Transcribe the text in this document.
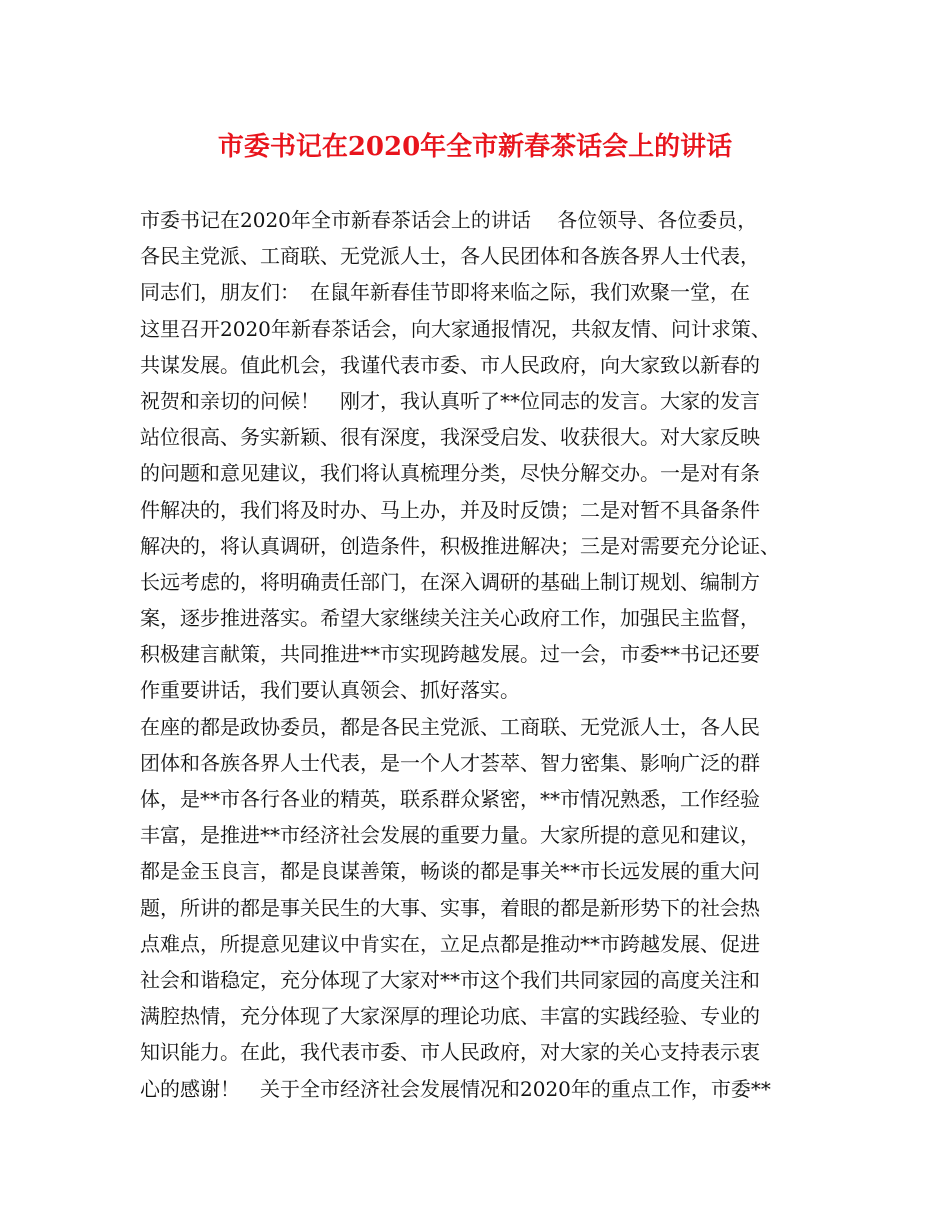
市委书记在2020年全市新春茶话会上的讲话
市委书记在2020年全市新春茶话会上的讲话　 各位领导、各位委员，
各民主党派、工商联、无党派人士，各人民团体和各族各界人士代表，
同志们，朋友们：　在鼠年新春佳节即将来临之际，我们欢聚一堂，在
这里召开2020年新春茶话会，向大家通报情况，共叙友情、问计求策、
共谋发展。值此机会，我谨代表市委、市人民政府，向大家致以新春的
祝贺和亲切的问候！　刚才，我认真听了**位同志的发言。大家的发言
站位很高、务实新颖、很有深度，我深受启发、收获很大。对大家反映
的问题和意见建议，我们将认真梳理分类，尽快分解交办。一是对有条
件解决的，我们将及时办、马上办，并及时反馈；二是对暂不具备条件
解决的，将认真调研，创造条件，积极推进解决；三是对需要充分论证、
长远考虑的，将明确责任部门，在深入调研的基础上制订规划、编制方
案，逐步推进落实。希望大家继续关注关心政府工作，加强民主监督，
积极建言献策，共同推进**市实现跨越发展。过一会，市委**书记还要
作重要讲话，我们要认真领会、抓好落实。
在座的都是政协委员，都是各民主党派、工商联、无党派人士，各人民
团体和各族各界人士代表，是一个人才荟萃、智力密集、影响广泛的群
体，是**市各行各业的精英，联系群众紧密，**市情况熟悉，工作经验
丰富，是推进**市经济社会发展的重要力量。大家所提的意见和建议，
都是金玉良言，都是良谋善策，畅谈的都是事关**市长远发展的重大问
题，所讲的都是事关民生的大事、实事，着眼的都是新形势下的社会热
点难点，所提意见建议中肯实在，立足点都是推动**市跨越发展、促进
社会和谐稳定，充分体现了大家对**市这个我们共同家园的高度关注和
满腔热情，充分体现了大家深厚的理论功底、丰富的实践经验、专业的
知识能力。在此，我代表市委、市人民政府，对大家的关心支持表示衷
心的感谢！　关于全市经济社会发展情况和2020年的重点工作，市委**
